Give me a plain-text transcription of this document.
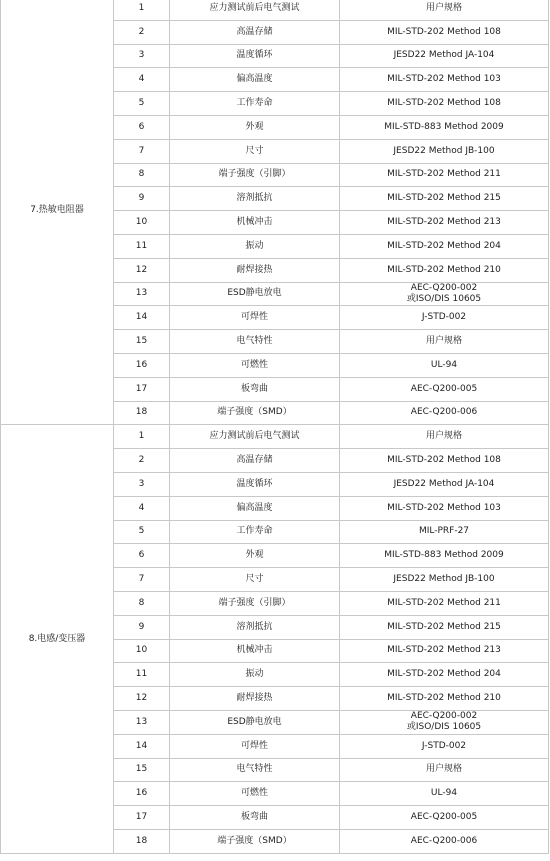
7.热敏电阻器	1	应力测试前后电气测试	用户规格
	2	高温存储	MIL-STD-202 Method 108
	3	温度循环	JESD22 Method JA-104
	4	偏高温度	MIL-STD-202 Method 103
	5	工作寿命	MIL-STD-202 Method 108
	6	外观	MIL-STD-883 Method 2009
	7	尺寸	JESD22 Method JB-100
	8	端子强度（引脚）	MIL-STD-202 Method 211
	9	溶剂抵抗	MIL-STD-202 Method 215
	10	机械冲击	MIL-STD-202 Method 213
	11	振动	MIL-STD-202 Method 204
	12	耐焊接热	MIL-STD-202 Method 210
	13	ESD静电放电	AEC-Q200-002
或ISO/DIS 10605

	14	可焊性	J-STD-002
	15	电气特性	用户规格
	16	可燃性	UL-94
	17	板弯曲	AEC-Q200-005
	18	端子强度（SMD）	AEC-Q200-006
8.电感/变压器	1	应力测试前后电气测试	用户规格
	2	高温存储	MIL-STD-202 Method 108
	3	温度循环	JESD22 Method JA-104
	4	偏高温度	MIL-STD-202 Method 103
	5	工作寿命	MIL-PRF-27
	6	外观	MIL-STD-883 Method 2009
	7	尺寸	JESD22 Method JB-100
	8	端子强度（引脚）	MIL-STD-202 Method 211
	9	溶剂抵抗	MIL-STD-202 Method 215
	10	机械冲击	MIL-STD-202 Method 213
	11	振动	MIL-STD-202 Method 204
	12	耐焊接热	MIL-STD-202 Method 210
	13	ESD静电放电	AEC-Q200-002
或ISO/DIS 10605

	14	可焊性	J-STD-002
	15	电气特性	用户规格
	16	可燃性	UL-94
	17	板弯曲	AEC-Q200-005
	18	端子强度（SMD）	AEC-Q200-006
